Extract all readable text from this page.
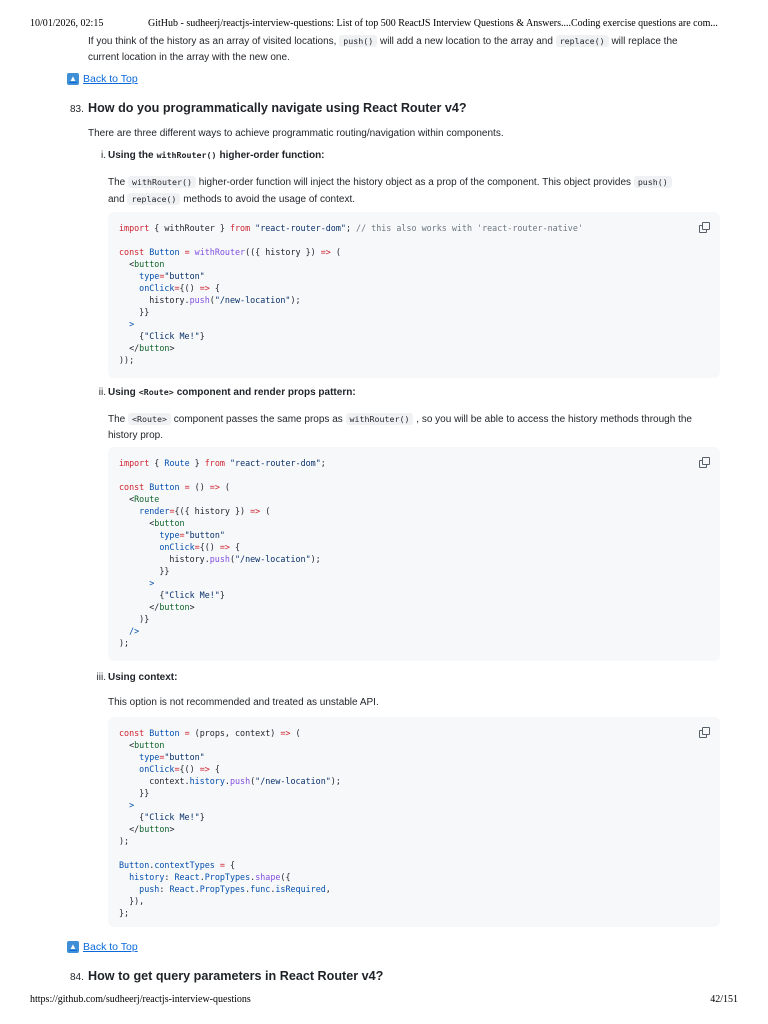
10/01/2026, 02:15	GitHub - sudheerj/reactjs-interview-questions: List of top 500 ReactJS Interview Questions & Answers....Coding exercise questions are com...
If you think of the history as an array of visited locations, push() will add a new location to the array and replace() will replace the
current location in the array with the new one.
▲ Back to Top
83. How do you programmatically navigate using React Router v4?
There are three different ways to achieve programmatic routing/navigation within components.
i. Using the withRouter() higher-order function:
The withRouter() higher-order function will inject the history object as a prop of the component. This object provides push()
and replace() methods to avoid the usage of context.
import { withRouter } from "react-router-dom"; // this also works with 'react-router-native'

const Button = withRouter(({ history }) => (
<button
type="button"
onClick={() => {
history.push("/new-location");
}}
>
{"Click Me!"}
</button>
));
ii. Using <Route> component and render props pattern:
The <Route> component passes the same props as withRouter() , so you will be able to access the history methods through the
history prop.
import { Route } from "react-router-dom";

const Button = () => (
<Route
render={({ history }) => (
<button
type="button"
onClick={() => {
history.push("/new-location");
}}
>
{"Click Me!"}
</button>
)}
/>
);
iii. Using context:
This option is not recommended and treated as unstable API.
const Button = (props, context) => (
<button
type="button"
onClick={() => {
context.history.push("/new-location");
}}
>
{"Click Me!"}
</button>
);

Button.contextTypes = {
history: React.PropTypes.shape({
push: React.PropTypes.func.isRequired,
}),
};
▲ Back to Top
84. How to get query parameters in React Router v4?
https://github.com/sudheerj/reactjs-interview-questions	42/151
